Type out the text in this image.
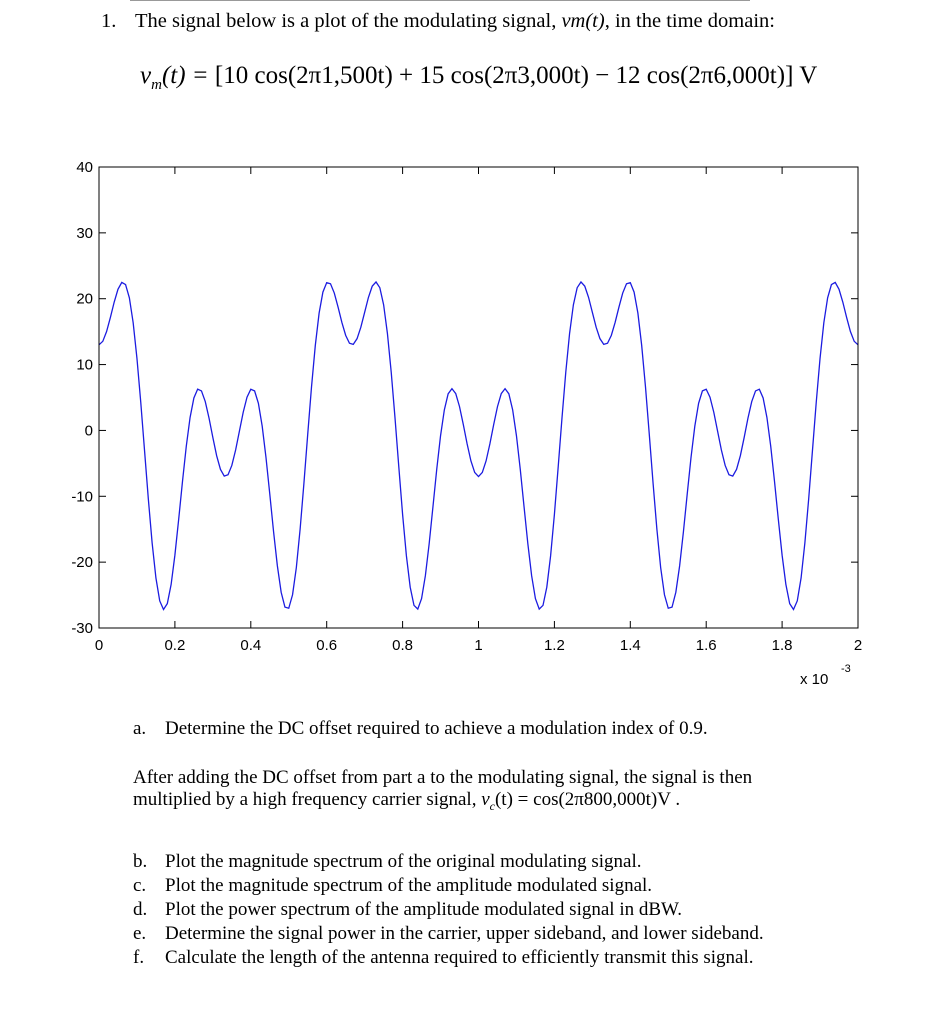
1. The signal below is a plot of the modulating signal, vm(t), in the time domain:
$v_m(t) = [10$ cos(2π1,500t) + 15 cos(2π3,000t) − 12 cos(2π6,000t)] V
0	0.2	0.4	0.6	0.8	1	1.2	1.4	1.6	1.8	2
40
30
20
10
0
-10
-20
-30
x 10
-3
a. Determine the DC offset required to achieve a modulation index of 0.9.
After adding the DC offset from part a to the modulating signal, the signal is then
multiplied by a high frequency carrier signal, $v_c(t) = \cos(2\pi 800,000t)V$ .
b. Plot the magnitude spectrum of the original modulating signal.
c. Plot the magnitude spectrum of the amplitude modulated signal.
d. Plot the power spectrum of the amplitude modulated signal in dBW.
e. Determine the signal power in the carrier, upper sideband, and lower sideband.
f. Calculate the length of the antenna required to efficiently transmit this signal.
